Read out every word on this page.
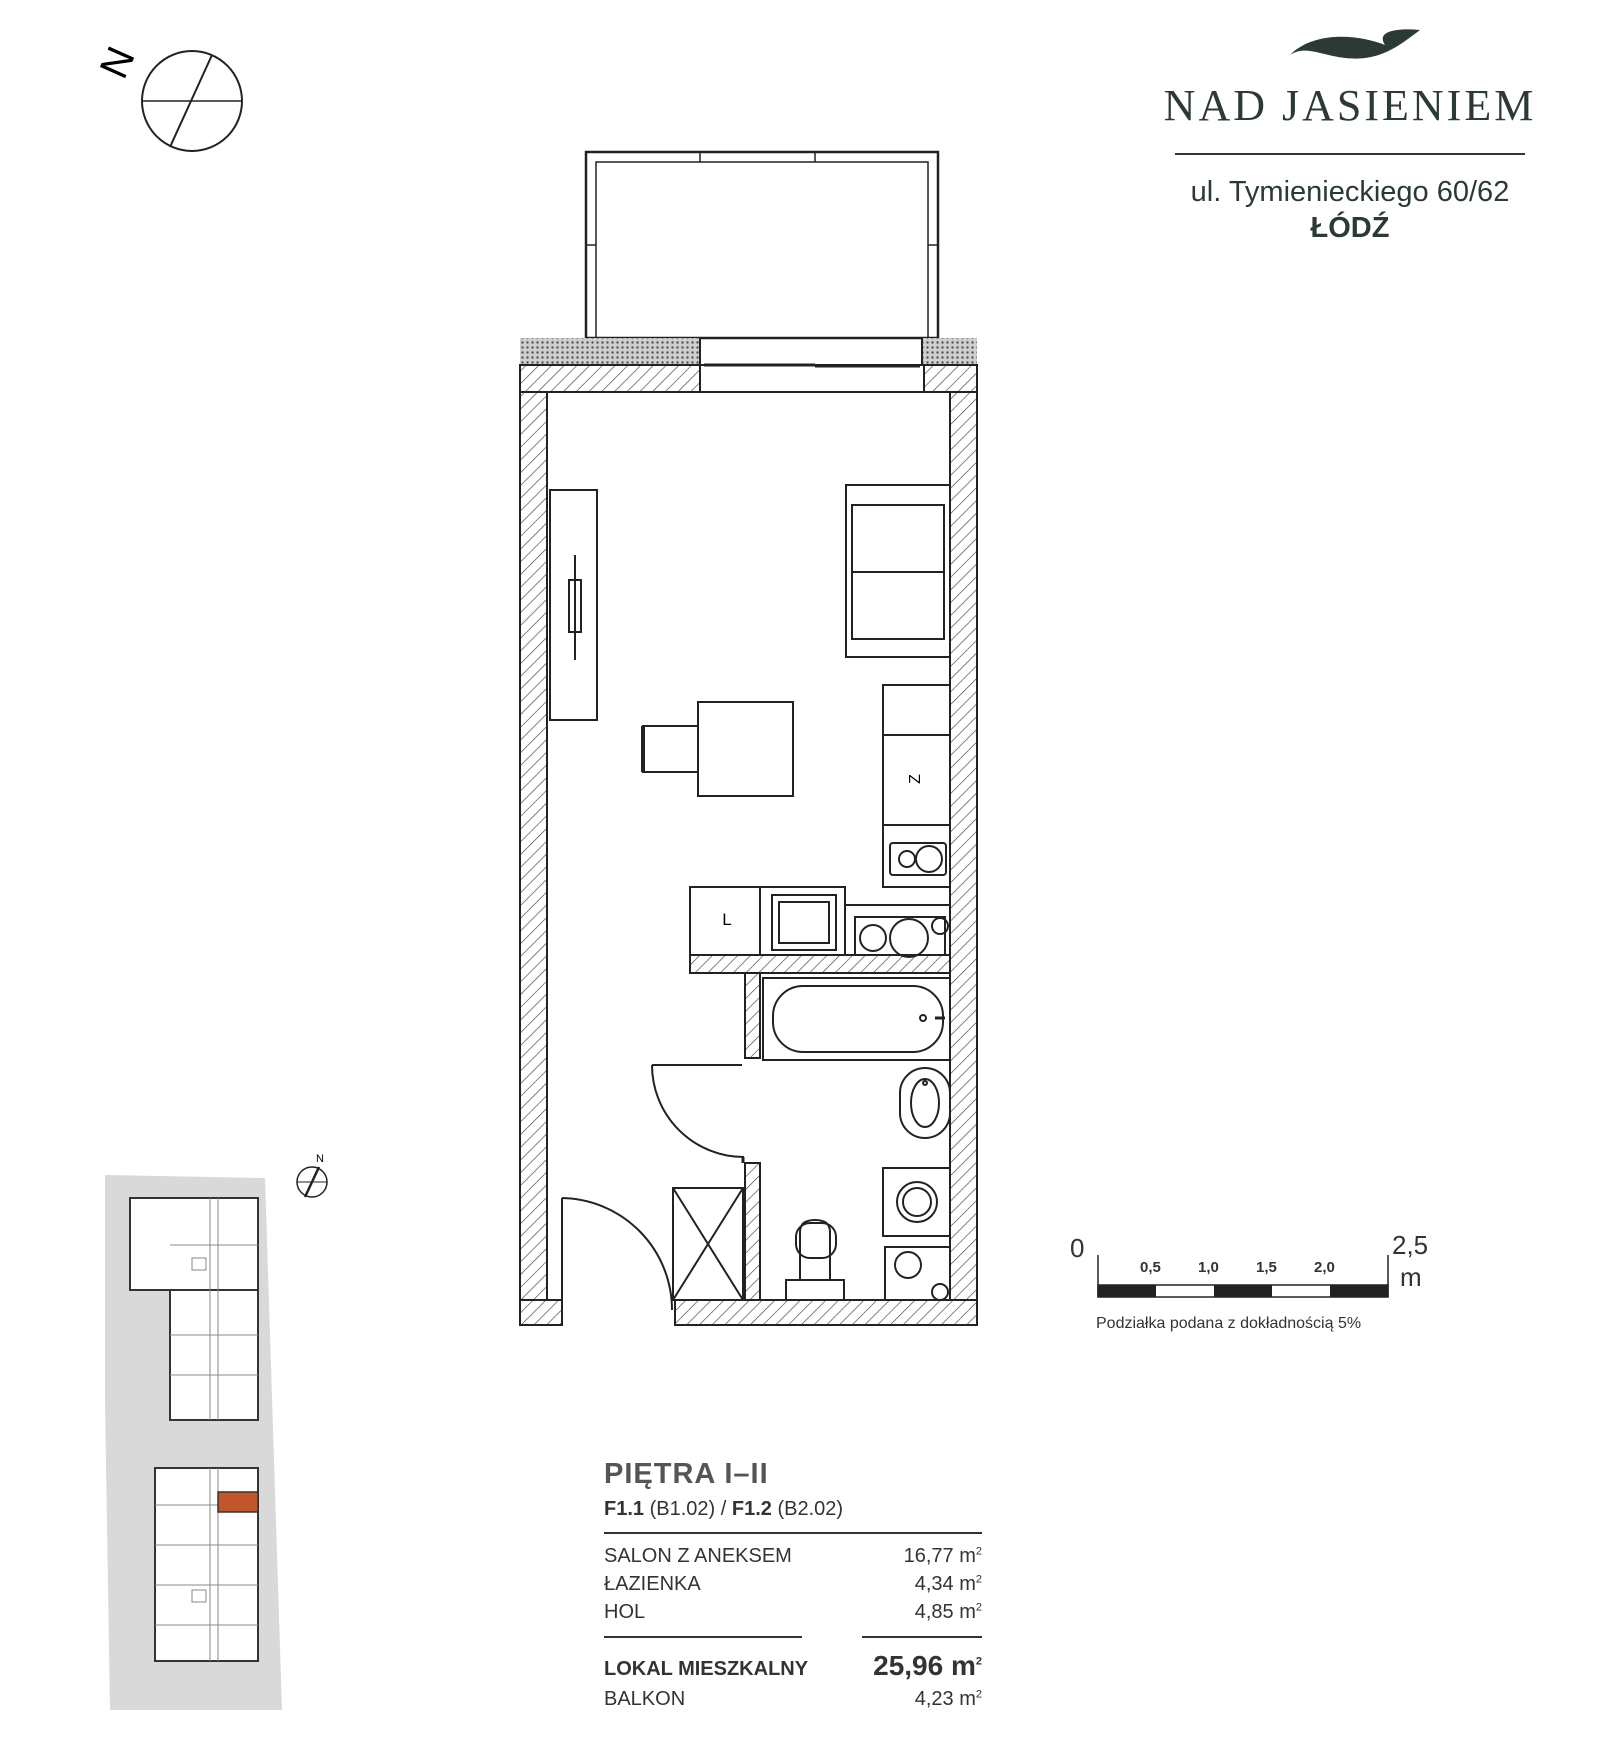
N
Z
L
N
NAD JASIENIEM
ul. Tymienieckiego 60/62
ŁÓDŹ
0
0,5 1,0 1,5 2,0
2,5
m
Podziałka podana z dokładnością 5%
PIĘTRA I–II
F1.1 (B1.02) / F1.2 (B2.02)
SALON Z ANEKSEM	16,77 $m^2$
ŁAZIENKA	4,34 $m^2$
HOL	4,85 $m^2$
LOKAL MIESZKALNY 25,96 $m^2$
BALKON	4,23 $m^2$
